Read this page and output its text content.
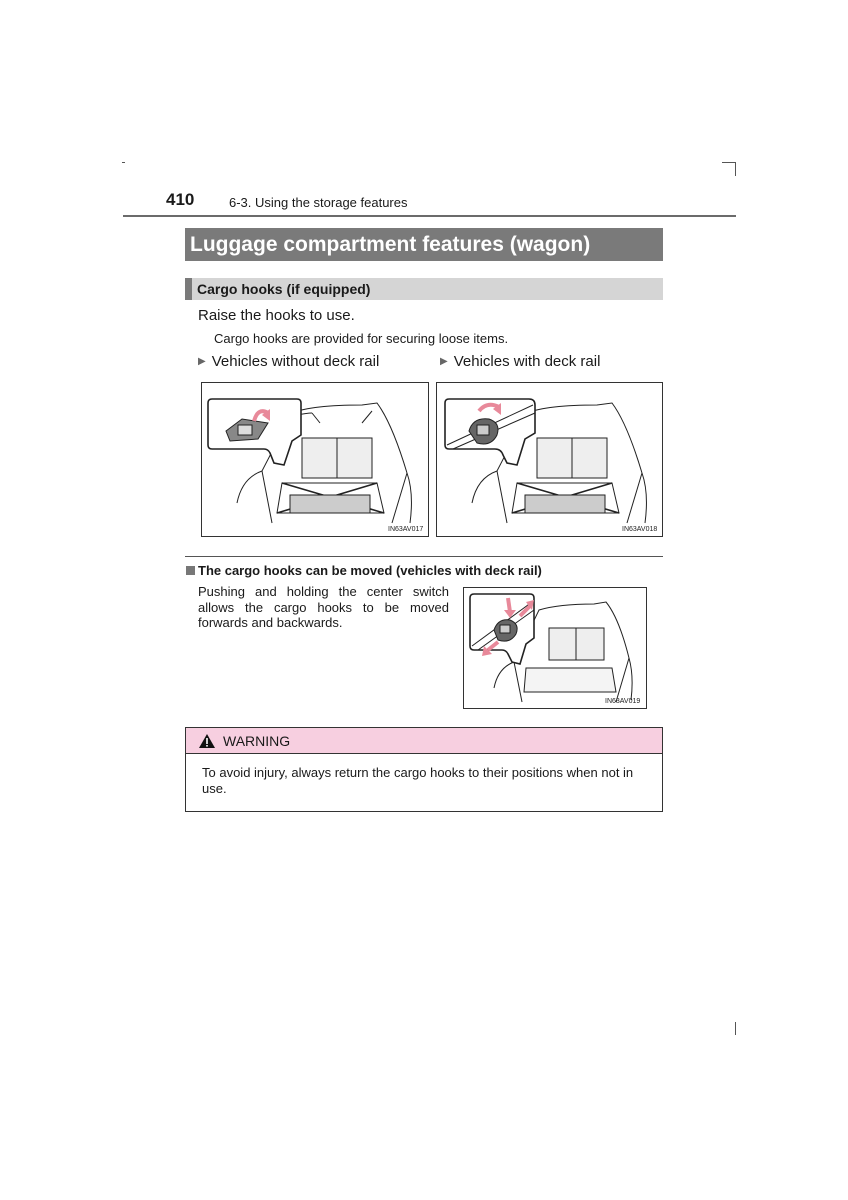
410	6-3. Using the storage features
Luggage compartment features (wagon)
Cargo hooks (if equipped)
Raise the hooks to use.
Cargo hooks are provided for securing loose items.
▶ Vehicles without deck rail	▶ Vehicles with deck rail
IN63AV017	IN63AV018
The cargo hooks can be moved (vehicles with deck rail)
Pushing and holding the center switch allows the cargo hooks to be moved forwards and backwards.
IN63AV019
WARNING
To avoid injury, always return the cargo hooks to their positions when not in use.
